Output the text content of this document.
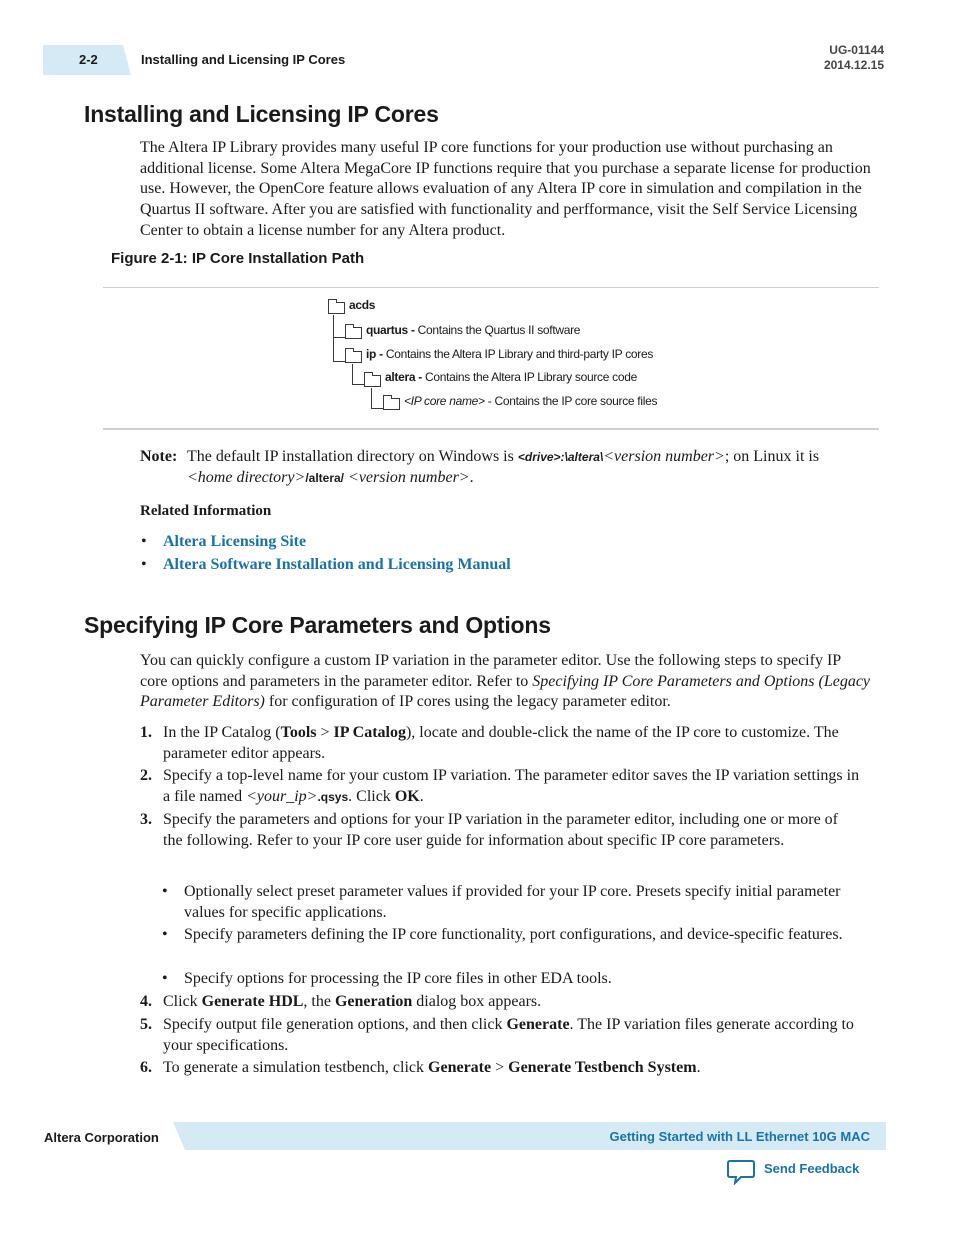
2-2	Installing and Licensing IP Cores
UG-01144
2014.12.15
Installing and Licensing IP Cores
The Altera IP Library provides many useful IP core functions for your production use without purchasing an additional license. Some Altera MegaCore IP functions require that you purchase a separate license for production use. However, the OpenCore feature allows evaluation of any Altera IP core in simulation and compilation in the Quartus II software. After you are satisfied with functionality and perfformance, visit the Self Service Licensing Center to obtain a license number for any Altera product.
Figure 2-1: IP Core Installation Path
acds
quartus - Contains the Quartus II software
ip - Contains the Altera IP Library and third-party IP cores
altera - Contains the Altera IP Library source code
<IP core name> - Contains the IP core source files
Note: The default IP installation directory on Windows is <drive>:\altera\<version number>; on Linux it is
<home directory>/altera/ <version number>.
Related Information
• Altera Licensing Site
• Altera Software Installation and Licensing Manual
Specifying IP Core Parameters and Options
You can quickly configure a custom IP variation in the parameter editor. Use the following steps to specify IP core options and parameters in the parameter editor. Refer to Specifying IP Core Parameters and Options (Legacy Parameter Editors) for configuration of IP cores using the legacy parameter editor.
1. In the IP Catalog (Tools > IP Catalog), locate and double-click the name of the IP core to customize. The parameter editor appears.
2. Specify a top-level name for your custom IP variation. The parameter editor saves the IP variation settings in a file named <your_ip>.qsys. Click OK.
3. Specify the parameters and options for your IP variation in the parameter editor, including one or more of the following. Refer to your IP core user guide for information about specific IP core parameters.
• Optionally select preset parameter values if provided for your IP core. Presets specify initial parameter values for specific applications.
• Specify parameters defining the IP core functionality, port configurations, and device-specific features.
• Specify options for processing the IP core files in other EDA tools.
4. Click Generate HDL, the Generation dialog box appears.
5. Specify output file generation options, and then click Generate. The IP variation files generate according to your specifications.
6. To generate a simulation testbench, click Generate > Generate Testbench System.
Altera Corporation	Getting Started with LL Ethernet 10G MAC
Send Feedback
